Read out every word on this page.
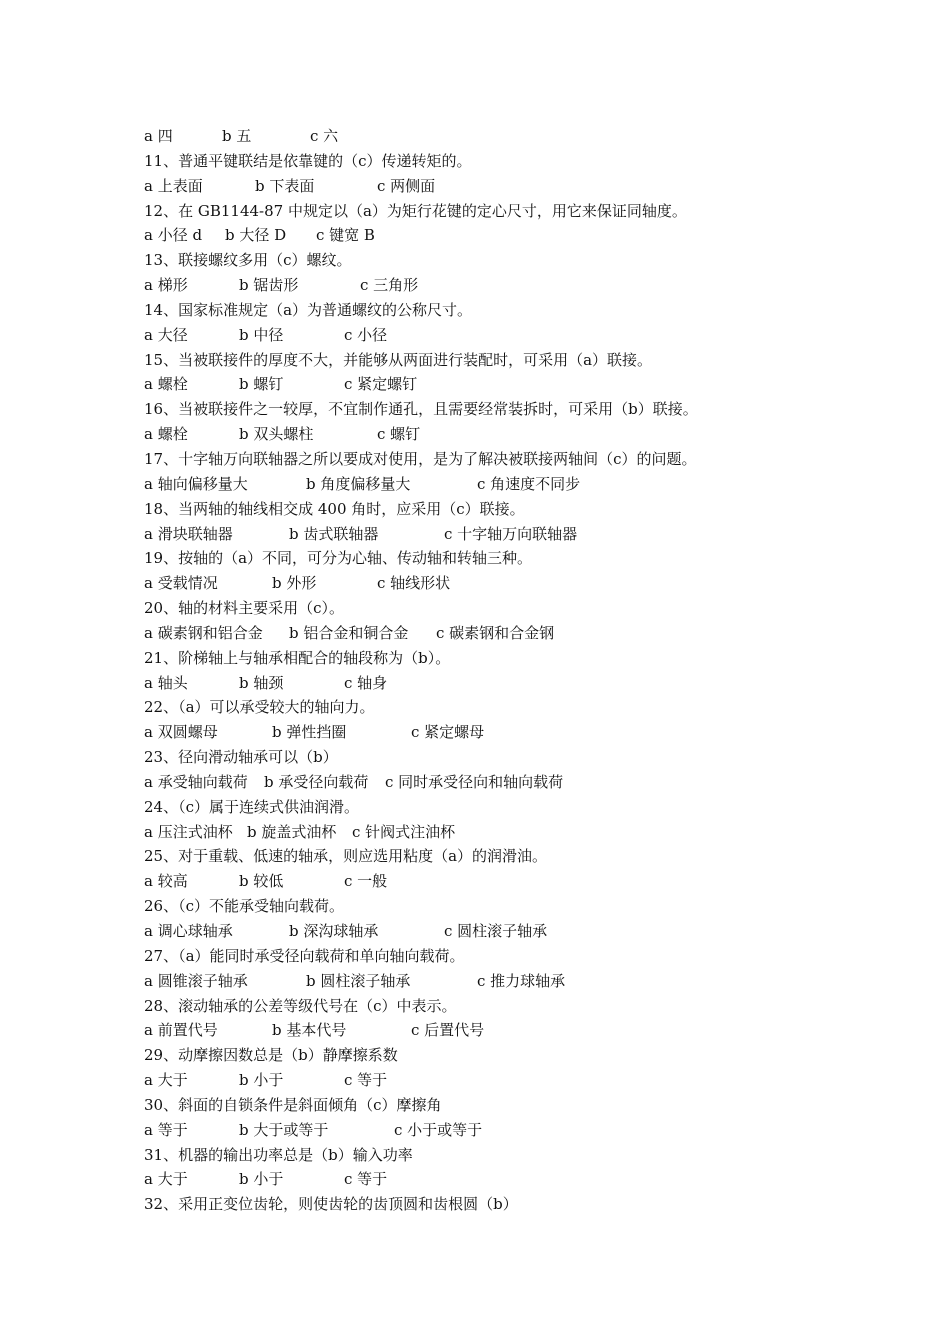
a 四	b 五	c 六
11、普通平键联结是依靠键的（c）传递转矩的。
a 上表面	b 下表面	c 两侧面
12、在 GB1144-87 中规定以（a）为矩行花键的定心尺寸，用它来保证同轴度。
a 小径 d b 大径 D c 键宽 B
13、联接螺纹多用（c）螺纹。
a 梯形	b 锯齿形	c 三角形
14、国家标准规定（a）为普通螺纹的公称尺寸。
a 大径	b 中径	c 小径
15、当被联接件的厚度不大，并能够从两面进行装配时，可采用（a）联接。
a 螺栓	b 螺钉	c 紧定螺钉
16、当被联接件之一较厚，不宜制作通孔，且需要经常装拆时，可采用（b）联接。
a 螺栓	b 双头螺柱	c 螺钉
17、十字轴万向联轴器之所以要成对使用，是为了解决被联接两轴间（c）的问题。
a 轴向偏移量大	b 角度偏移量大	c 角速度不同步
18、当两轴的轴线相交成 400 角时，应采用（c）联接。
a 滑块联轴器	b 齿式联轴器	c 十字轴万向联轴器
19、按轴的（a）不同，可分为心轴、传动轴和转轴三种。
a 受载情况	b 外形	c 轴线形状
20、轴的材料主要采用（c）。
a 碳素钢和铝合金 b 铝合金和铜合金 c 碳素钢和合金钢
21、阶梯轴上与轴承相配合的轴段称为（b）。
a 轴头	b 轴颈	c 轴身
22、（a）可以承受较大的轴向力。
a 双圆螺母	b 弹性挡圈	c 紧定螺母
23、径向滑动轴承可以（b）
a 承受轴向载荷 b 承受径向载荷 c 同时承受径向和轴向载荷
24、（c）属于连续式供油润滑。
a 压注式油杯 b 旋盖式油杯 c 针阀式注油杯
25、对于重载、低速的轴承，则应选用粘度（a）的润滑油。
a 较高	b 较低	c 一般
26、（c）不能承受轴向载荷。
a 调心球轴承	b 深沟球轴承	c 圆柱滚子轴承
27、（a）能同时承受径向载荷和单向轴向载荷。
a 圆锥滚子轴承	b 圆柱滚子轴承	c 推力球轴承
28、滚动轴承的公差等级代号在（c）中表示。
a 前置代号	b 基本代号	c 后置代号
29、动摩擦因数总是（b）静摩擦系数
a 大于	b 小于	c 等于
30、斜面的自锁条件是斜面倾角（c）摩擦角
a 等于	b 大于或等于	c 小于或等于
31、机器的输出功率总是（b）输入功率
a 大于	b 小于	c 等于
32、采用正变位齿轮，则使齿轮的齿顶圆和齿根圆（b）
